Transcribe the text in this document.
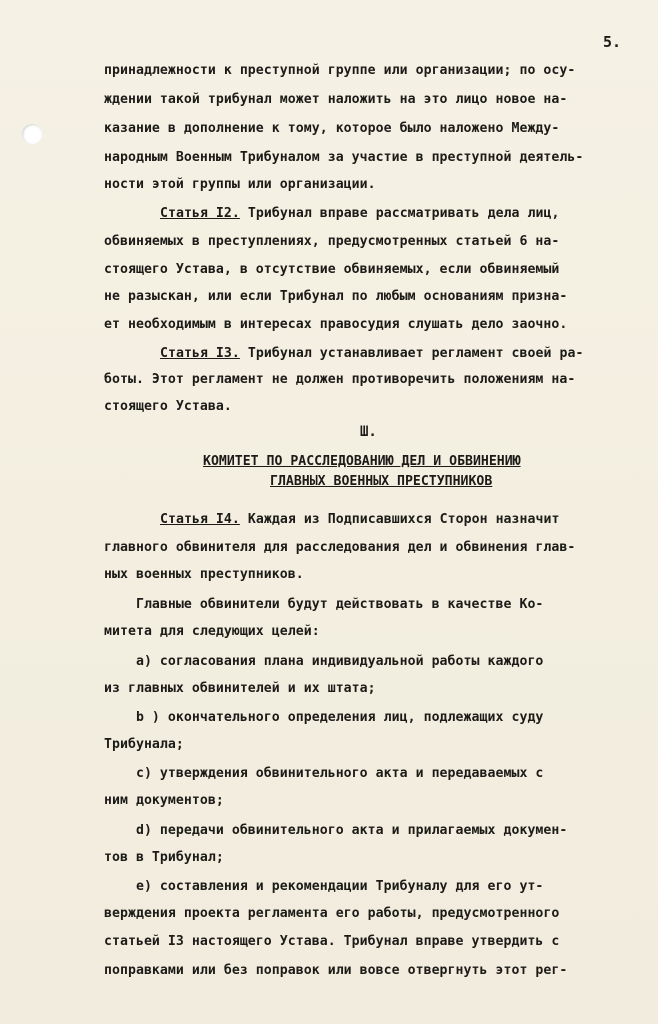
5.
принадлежности к преступной группе или организации; по осу-
ждении такой трибунал может наложить на это лицо новое на-
казание в дополнение к тому, которое было наложено Между-
народным Военным Трибуналом за участие в преступной деятель-
ности этой группы или организации.
Статья I2. Трибунал вправе рассматривать дела лиц,
обвиняемых в преступлениях, предусмотренных статьей 6 на-
стоящего Устава, в отсутствие обвиняемых, если обвиняемый
не разыскан, или если Трибунал по любым основаниям призна-
ет необходимым в интересах правосудия слушать дело заочно.
Статья I3. Трибунал устанавливает регламент своей ра-
боты. Этот регламент не должен противоречить положениям на-
стоящего Устава.
Ш.
КОМИТЕТ ПО РАССЛЕДОВАНИЮ ДЕЛ И ОБВИНЕНИЮ
ГЛАВНЫХ ВОЕННЫХ ПРЕСТУПНИКОВ
Статья I4. Каждая из Подписавшихся Сторон назначит
главного обвинителя для расследования дел и обвинения глав-
ных военных преступников.
Главные обвинители будут действовать в качестве Ко-
митета для следующих целей:
а) согласования плана индивидуальной работы каждого
из главных обвинителей и их штата;
b ) окончательного определения лиц, подлежащих суду
Трибунала;
с) утверждения обвинительного акта и передаваемых с
ним документов;
d) передачи обвинительного акта и прилагаемых докумен-
тов в Трибунал;
е) составления и рекомендации Трибуналу для его ут-
верждения проекта регламента его работы, предусмотренного
статьей I3 настоящего Устава. Трибунал вправе утвердить с
поправками или без поправок или вовсе отвергнуть этот рег-
